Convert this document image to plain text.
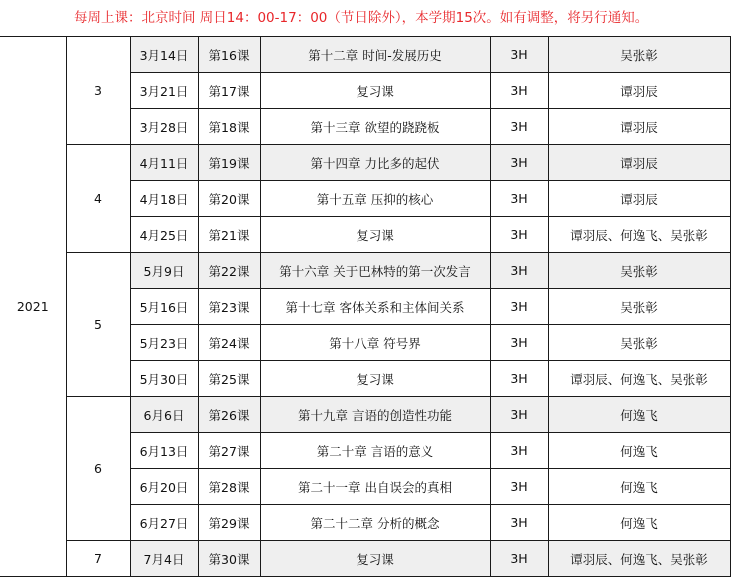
每周上课：北京时间 周日14：00-17：00（节日除外），本学期15次。如有调整，将另行通知。
2021	3	3月14日	第16课	第十二章 时间-发展历史	3H	吴张彰
		3月21日	第17课	复习课	3H	谭羽辰
		3月28日	第18课	第十三章 欲望的跷跷板	3H	谭羽辰
	4	4月11日	第19课	第十四章 力比多的起伏	3H	谭羽辰
		4月18日	第20课	第十五章 压抑的核心	3H	谭羽辰
		4月25日	第21课	复习课	3H	谭羽辰、何逸飞、吴张彰
	5	5月9日	第22课	第十六章 关于巴林特的第一次发言	3H	吴张彰
		5月16日	第23课	第十七章 客体关系和主体间关系	3H	吴张彰
		5月23日	第24课	第十八章 符号界	3H	吴张彰
		5月30日	第25课	复习课	3H	谭羽辰、何逸飞、吴张彰
	6	6月6日	第26课	第十九章 言语的创造性功能	3H	何逸飞
		6月13日	第27课	第二十章 言语的意义	3H	何逸飞
		6月20日	第28课	第二十一章 出自误会的真相	3H	何逸飞
		6月27日	第29课	第二十二章 分析的概念	3H	何逸飞
	7	7月4日	第30课	复习课	3H	谭羽辰、何逸飞、吴张彰
